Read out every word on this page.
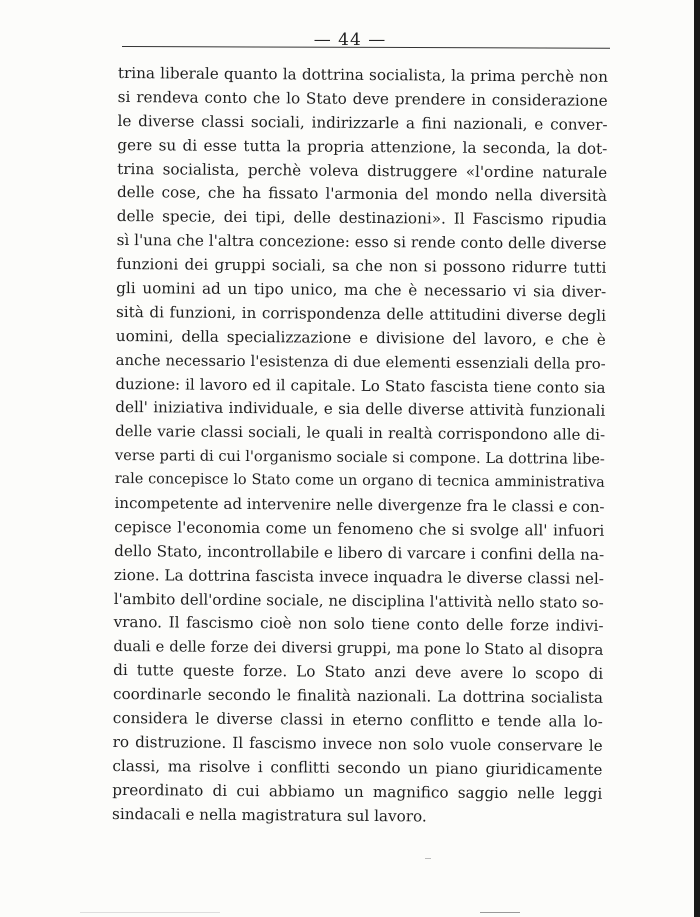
— 44 —
trina liberale quanto la dottrina socialista, la prima perchè non
si rendeva conto che lo Stato deve prendere in considerazione
le diverse classi sociali, indirizzarle a fini nazionali, e conver-
gere su di esse tutta la propria attenzione, la seconda, la dot-
trina socialista, perchè voleva distruggere «l'ordine naturale
delle cose, che ha fissato l'armonia del mondo nella diversità
delle specie, dei tipi, delle destinazioni». Il Fascismo ripudia
sì l'una che l'altra concezione: esso si rende conto delle diverse
funzioni dei gruppi sociali, sa che non si possono ridurre tutti
gli uomini ad un tipo unico, ma che è necessario vi sia diver-
sità di funzioni, in corrispondenza delle attitudini diverse degli
uomini, della specializzazione e divisione del lavoro, e che è
anche necessario l'esistenza di due elementi essenziali della pro-
duzione: il lavoro ed il capitale. Lo Stato fascista tiene conto sia
dell' iniziativa individuale, e sia delle diverse attività funzionali
delle varie classi sociali, le quali in realtà corrispondono alle di-
verse parti di cui l'organismo sociale si compone. La dottrina libe-
rale concepisce lo Stato come un organo di tecnica amministrativa
incompetente ad intervenire nelle divergenze fra le classi e con-
cepisce l'economia come un fenomeno che si svolge all' infuori
dello Stato, incontrollabile e libero di varcare i confini della na-
zione. La dottrina fascista invece inquadra le diverse classi nel-
l'ambito dell'ordine sociale, ne disciplina l'attività nello stato so-
vrano. Il fascismo cioè non solo tiene conto delle forze indivi-
duali e delle forze dei diversi gruppi, ma pone lo Stato al disopra
di tutte queste forze. Lo Stato anzi deve avere lo scopo di
coordinarle secondo le finalità nazionali. La dottrina socialista
considera le diverse classi in eterno conflitto e tende alla lo-
ro distruzione. Il fascismo invece non solo vuole conservare le
classi, ma risolve i conflitti secondo un piano giuridicamente
preordinato di cui abbiamo un magnifico saggio nelle leggi
sindacali e nella magistratura sul lavoro.
